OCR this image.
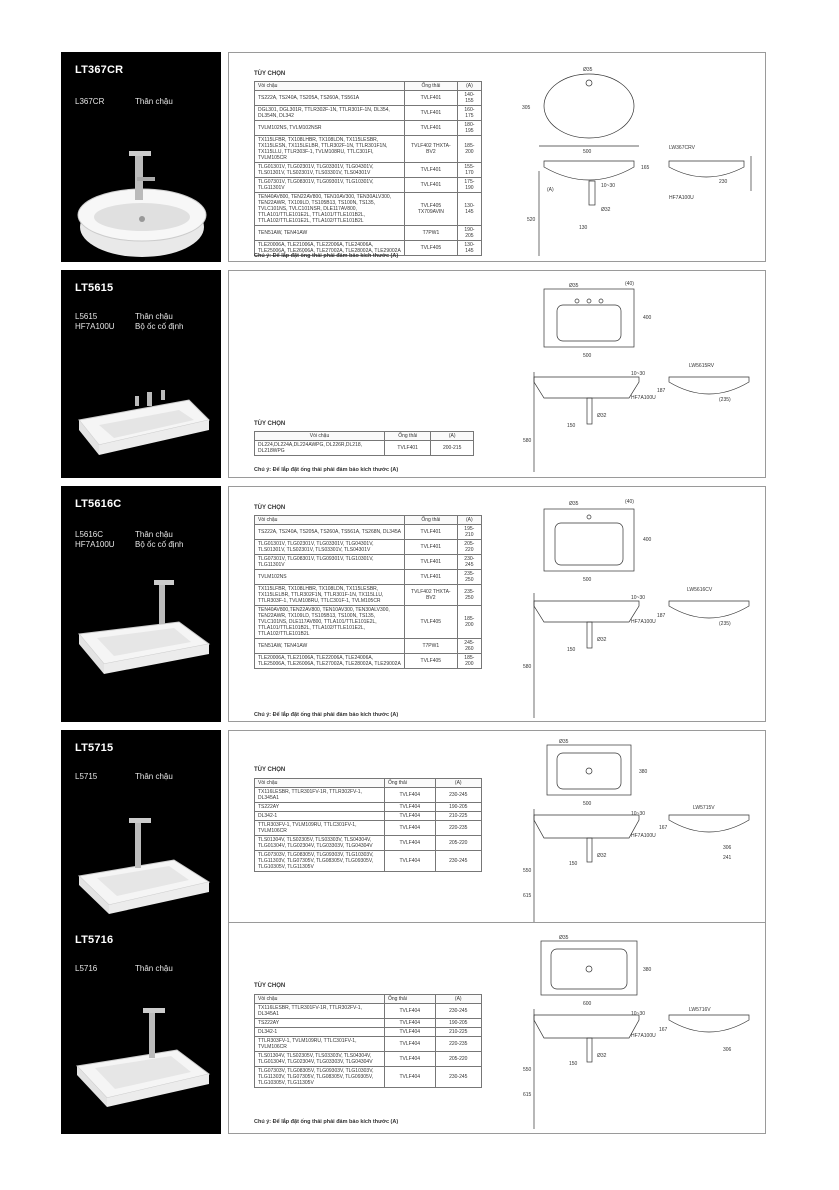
LT367CR
L367CR	Thân chậu
TÙY CHỌN
Vòi chậu	Ống thải	(A)
TS222A, TS240A, TS205A, TS260A, TS561A	TVLF401	140-155
DGL301, DGL301R, TTLR302F-1N, TTLR301F-1N, DL354, DL354N, DL342	TVLF401	160-175
TVLM102NS, TVLM102NSR	TVLF401	180-195
TX115LFBR, TX108LHBR, TX108LDN, TX115LESBR, TX115LESN, TX115LELBR, TTLR302F-1N, TTLR301F1N, TX115LLU, TTLR303F-1, TVLM108RU, TTLC301FI, TVLM105CR	TVLF402 THXTA-BV2	185-200
TLG01301V, TLG02301V, TLG03301V, TLG04301V, TLS01301V, TLS02301V, TLS03301V, TLS04301V	TVLF401	155-170
TLG07301V, TLG08301V, TLG09301V, TLG10301V, TLG11301V	TVLF401	175-190
TEN40AV800, TEN22AV800, TEN10AV300, TEN30ALV300, TEN22AWR, TX109LD, TS105B13, TS100N, TS135, TVLC101NS, TVLC101NSR, DLE117AV800, TTLA101/TTLE101E2L, TTLA101/TTLE101B2L, TTLA102/TTLE101E2L, TTLA102/TTLE101B2L	TVLF405 TX709AVIN	130-145
TEN51AW, TEN41AW	T7PW1	190-205
TLE20006A, TLE21006A, TLE22006A, TLE24006A, TLE25006A, TLE26006A, TLE27002A, TLE28002A, TLE29002A	TVLF405	130-145
Chú ý: Để lắp đặt ống thải phải đảm bảo kích thước (A)
Ø35
305
500
165
230
LW367CRV
HF7A100U
10~30
520
Ø32
130
(A)
LT5615
L5615	Thân chậu
HF7A100U	Bộ ốc cố định
TÙY CHỌN
Vòi chậu	Ống thải	(A)
DL224,DL224A,DL224AWPG, DL226R,DL218, DL218WPG	TVLF401	200-215
Chú ý: Để lắp đặt ống thải phải đảm bảo kích thước (A)
(40)
Ø35
400
500
LW5615RV
10~30
187
HF7A100U	(235)
Ø32
150
580
LT5616C
L5616C	Thân chậu
HF7A100U	Bộ ốc cố định
TÙY CHỌN
Vòi chậu	Ống thải	(A)
TS222A, TS240A, TS205A, TS260A, TS561A, TS268N, DL345A	TVLF401	195-210
TLG01301V, TLG02301V, TLG03301V, TLG04301V, TLS01301V, TLS02301V, TLS03301V, TLS04301V	TVLF401	205-220
TLG07301V, TLG08301V, TLG09301V, TLG10301V, TLG11301V	TVLF401	230-245
TVLM102NS	TVLF401	235-250
TX115LFBR, TX108LHBR, TX108LDN, TX115LESBR, TX115LELBR, TTLR302F1N, TTLR301F-1N, TX115LLU, TTLR303F-1, TVLM108RU, TTLC301F-1, TVLM105CR	TVLF402 THXTA-BV2	235-250
TEN40AV800,TEN22AV800, TEN10AV300, TEN30ALV300, TEN22AWR, TX109LD, TS105B13, TS100N, TS135, TVLC101NS, DLE117AV800, TTLA101/TTLE101E2L, TTLA101/TTLE101B2L, TTLA102/TTLE101E2L, TTLA102/TTLE101B2L	TVLF405	185-200
TEN51AW, TEN41AW	T7PW1	245-260
TLE20006A, TLE21006A, TLE22006A, TLE24006A, TLE25006A, TLE26006A, TLE27002A, TLE28002A, TLE29002A	TVLF405	185-200
Chú ý: Để lắp đặt ống thải phải đảm bảo kích thước (A)
(40)
Ø35
400
500
LW5616CV
10~30
187
HF7A100U	(235)
Ø32
150
580
LT5715
L5715	Thân chậu
TÙY CHỌN
Vòi chậu	Ống thải	(A)
TX116LESBR, TTLR301FV-1R, TTLR302FV-1, DL345A1	TVLF404	230-245
TS222AY	TVLF404	190-205
DL342-1	TVLF404	210-225
TTLR303FV-1, TVLM109RU, TTLC301FV-1, TVLM106CR	TVLF404	220-235
TLS01304V, TLS02305V, TLS03303V, TLS04304V, TLG01304V, TLG02304V, TLG03303V, TLG04304V	TVLF404	205-220
TLG07303V, TLG08305V, TLG09303V, TLG10303V, TLG11303V, TLG07305V, TLG08305V, TLG09305V, TLG10305V, TLG11305V	TVLF404	230-245
Ø35
380
500
LW5715V
10~30
167
HF7A100U
306
241
Ø32
150
550
615
LT5716
L5716	Thân chậu
TÙY CHỌN
Vòi chậu	Ống thải	(A)
TX116LESBR, TTLR301FV-1R, TTLR302FV-1, DL345A1	TVLF404	230-245
TS222AY	TVLF404	190-205
DL342-1	TVLF404	210-225
TTLR303FV-1, TVLM109RU, TTLC301FV-1, TVLM106CR	TVLF404	220-235
TLS01304V, TLS02305V, TLS03303V, TLS04304V, TLG01304V, TLG02304V, TLG03303V, TLG04304V	TVLF404	205-220
TLG07303V, TLG08305V, TLG09303V, TLG10303V, TLG11303V, TLG07305V, TLG08305V, TLG09305V, TLG10305V, TLG11305V	TVLF404	230-245
Chú ý: Để lắp đặt ống thải phải đảm bảo kích thước (A)
Ø35
380
600
LW5716V
10~30
167
HF7A100U
306
Ø32
150
550
615
